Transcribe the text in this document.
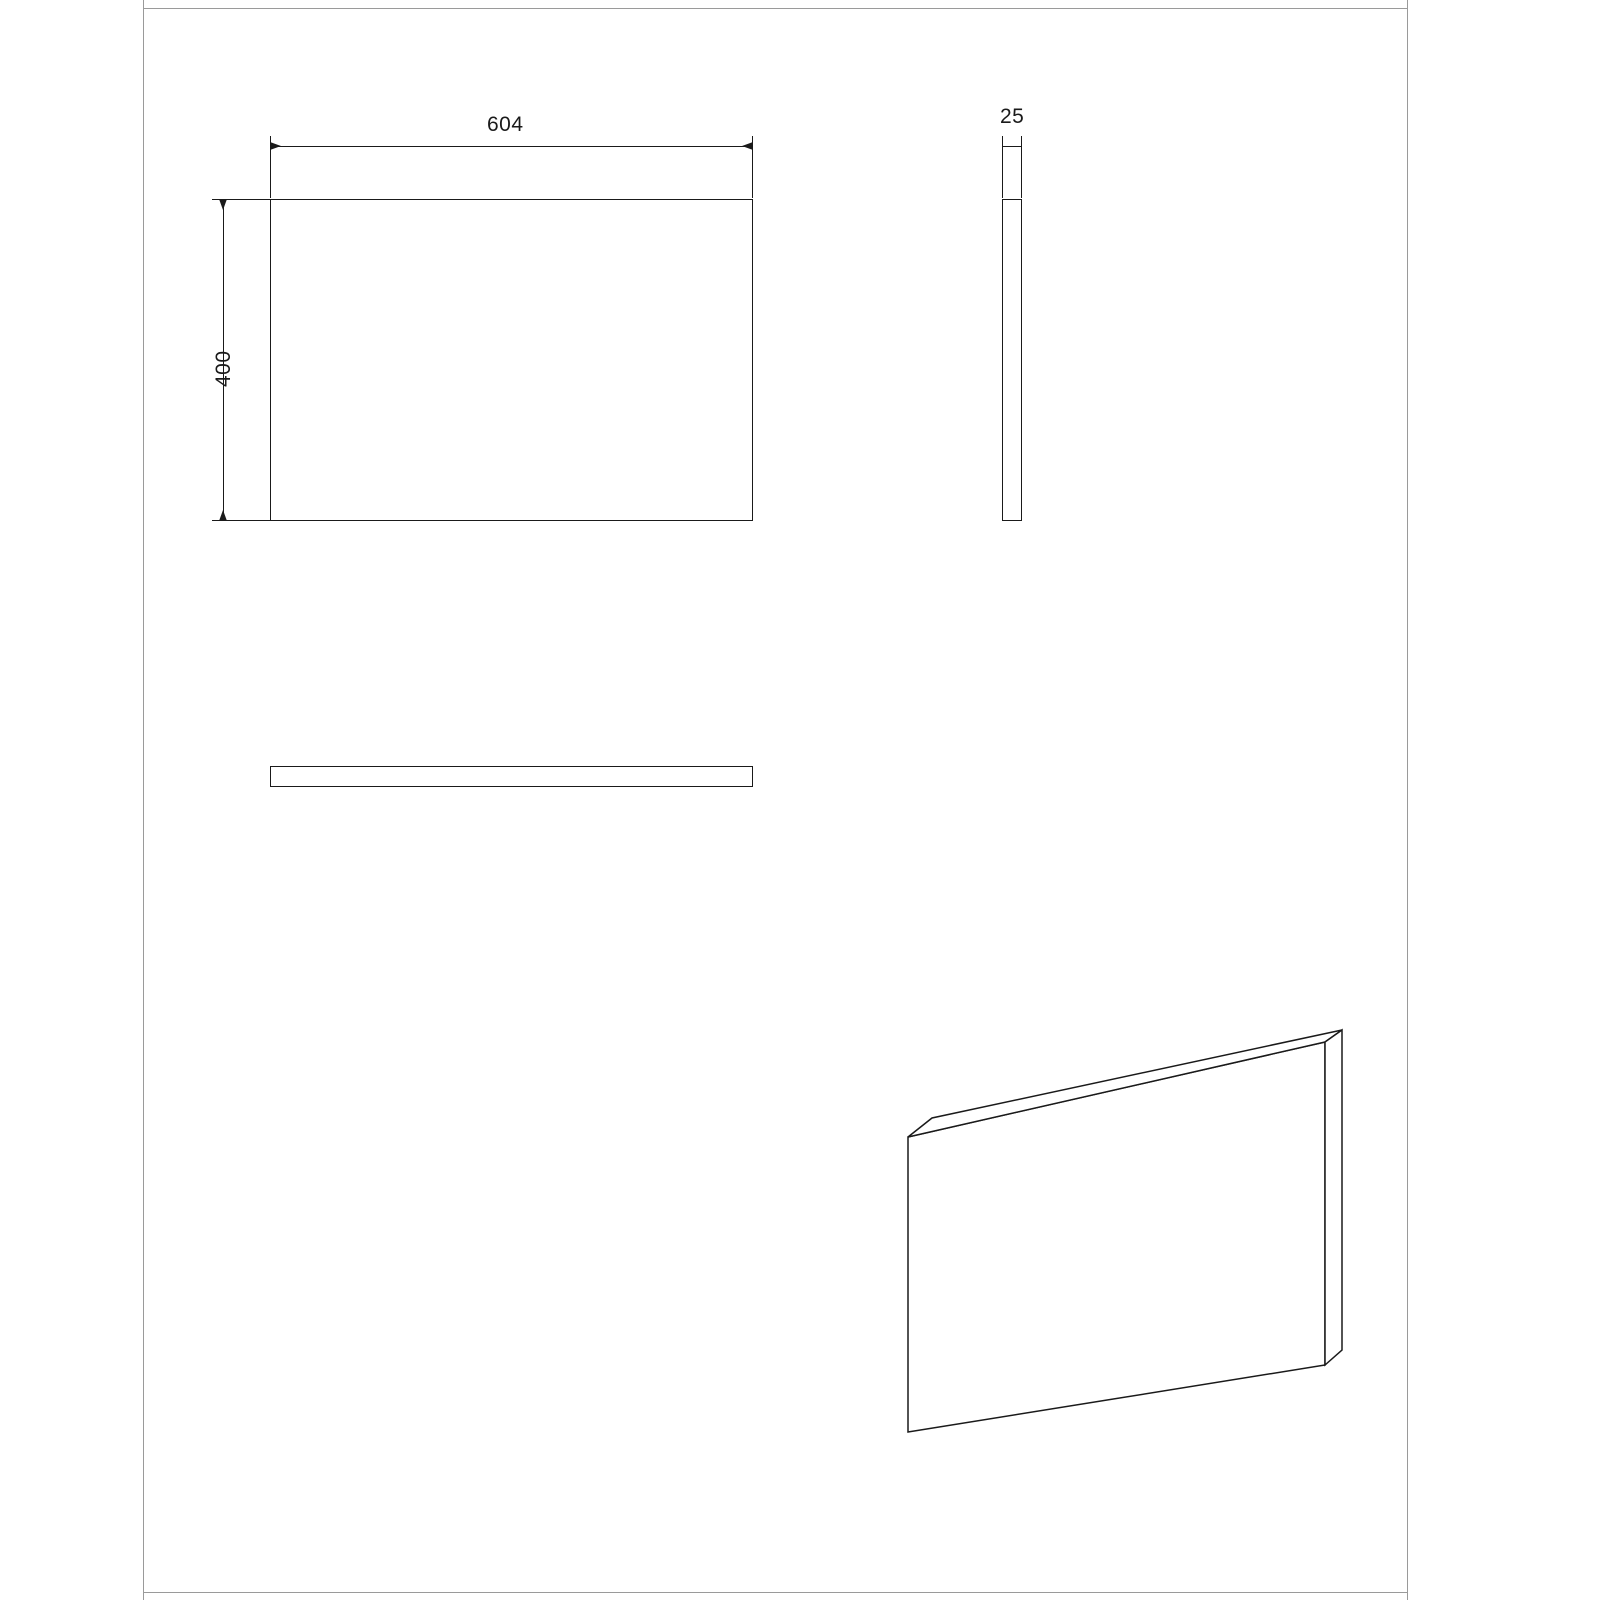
604
400
25
